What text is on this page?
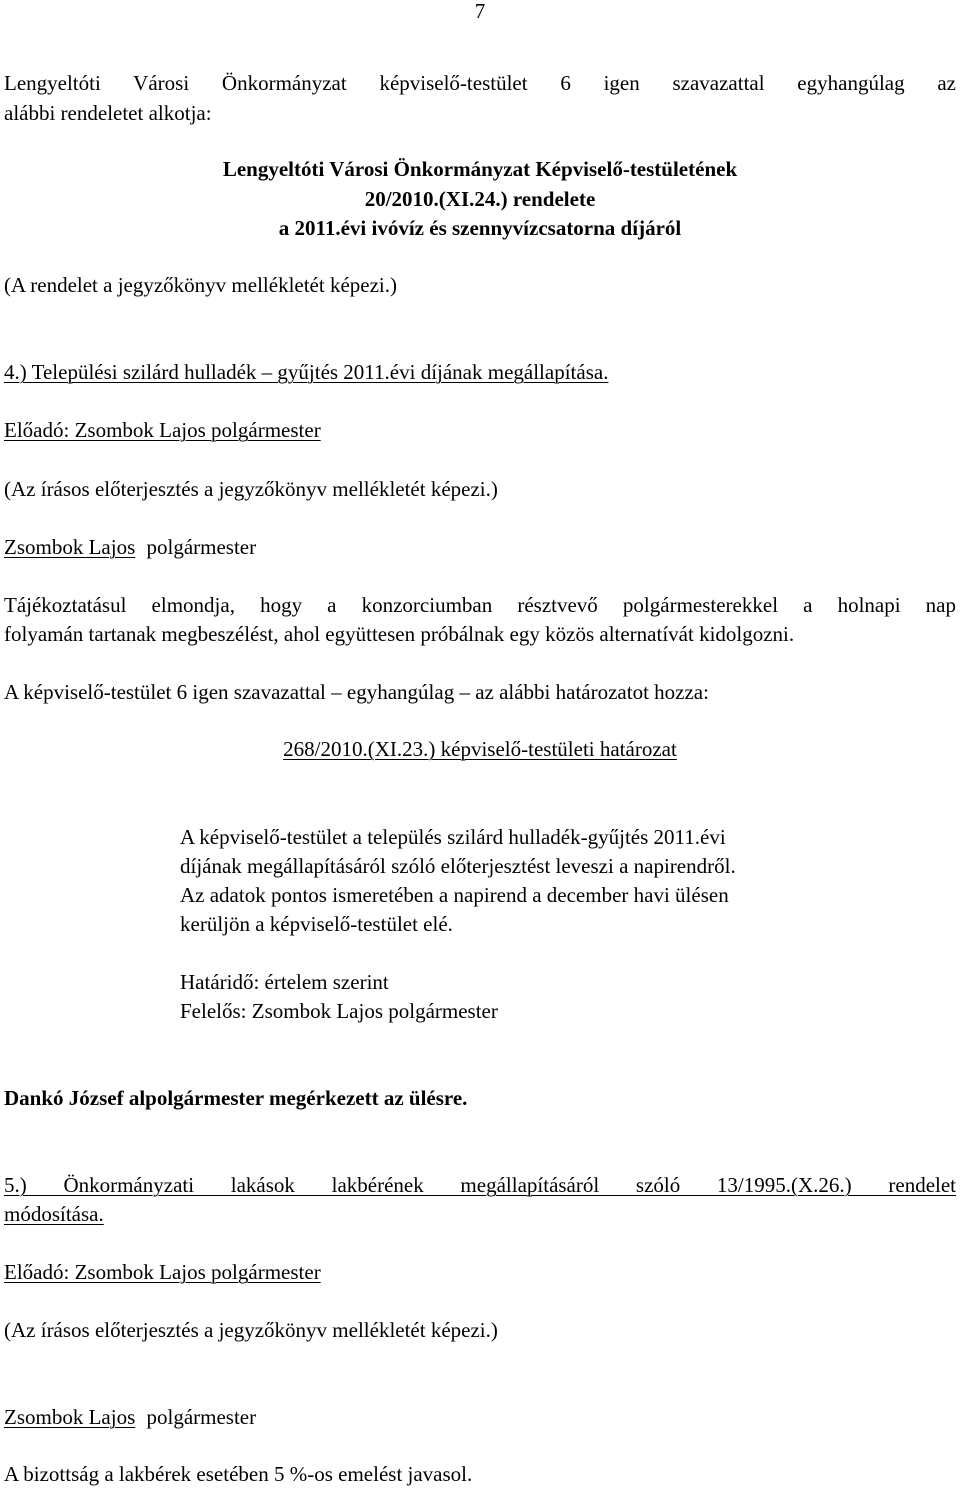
7
Lengyeltóti Városi Önkormányzat képviselő-testület 6 igen szavazattal egyhangúlag az
alábbi rendeletet alkotja:
Lengyeltóti Városi Önkormányzat Képviselő-testületének
20/2010.(XI.24.) rendelete
a 2011.évi ivóvíz és szennyvízcsatorna díjáról
(A rendelet a jegyzőkönyv mellékletét képezi.)
4.) Települési szilárd hulladék – gyűjtés 2011.évi díjának megállapítása.
Előadó: Zsombok Lajos polgármester
(Az írásos előterjesztés a jegyzőkönyv mellékletét képezi.)
Zsombok Lajos polgármester
Tájékoztatásul elmondja, hogy a konzorciumban résztvevő polgármesterekkel a holnapi nap
folyamán tartanak megbeszélést, ahol együttesen próbálnak egy közös alternatívát kidolgozni.
A képviselő-testület 6 igen szavazattal – egyhangúlag – az alábbi határozatot hozza:
268/2010.(XI.23.) képviselő-testületi határozat
A képviselő-testület a település szilárd hulladék-gyűjtés 2011.évi
díjának megállapításáról szóló előterjesztést leveszi a napirendről.
Az adatok pontos ismeretében a napirend a december havi ülésen
kerüljön a képviselő-testület elé.
Határidő: értelem szerint
Felelős: Zsombok Lajos polgármester
Dankó József alpolgármester megérkezett az ülésre.
5.) Önkormányzati lakások lakbérének megállapításáról szóló 13/1995.(X.26.) rendelet
módosítása.
Előadó: Zsombok Lajos polgármester
(Az írásos előterjesztés a jegyzőkönyv mellékletét képezi.)
Zsombok Lajos polgármester
A bizottság a lakbérek esetében 5 %-os emelést javasol.
